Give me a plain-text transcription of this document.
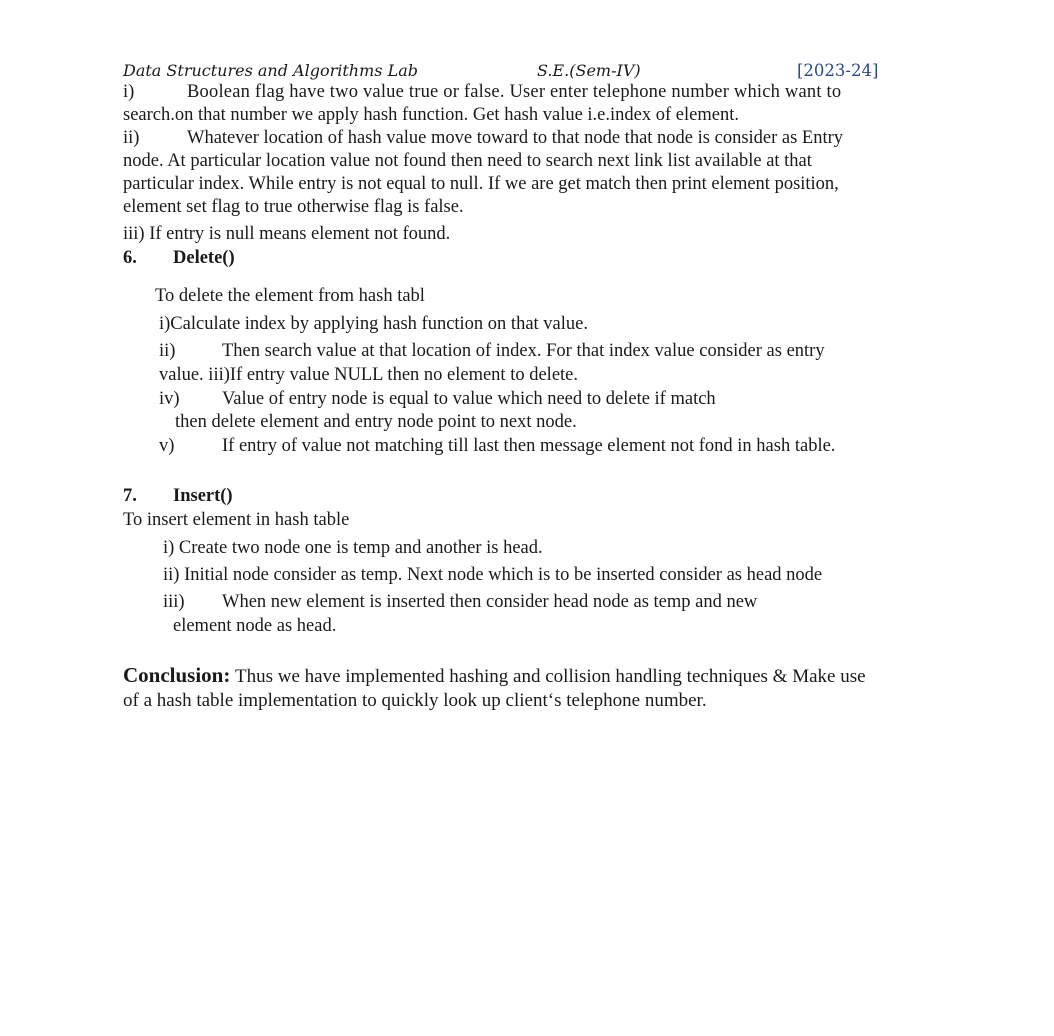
Data Structures and Algorithms Lab	S.E.(Sem-IV)	[2023-24]
i)	Boolean flag have two value true or false. User enter telephone number which want to
search.on that number we apply hash function. Get hash value i.e.index of element.
ii)	Whatever location of hash value move toward to that node that node is consider as Entry
node. At particular location value not found then need to search next link list available at that
particular index. While entry is not equal to null. If we are get match then print element position,
element set flag to true otherwise flag is false.
iii) If entry is null means element not found.
6. Delete()
To delete the element from hash tabl
i)Calculate index by applying hash function on that value.
ii)	Then search value at that location of index. For that index value consider as entry
value. iii)If entry value NULL then no element to delete.
iv) Value of entry node is equal to value which need to delete if match
then delete element and entry node point to next node.
v)	If entry of value not matching till last then message element not fond in hash table.
7. Insert()
To insert element in hash table
i) Create two node one is temp and another is head.
ii) Initial node consider as temp. Next node which is to be inserted consider as head node
iii) When new element is inserted then consider head node as temp and new
element node as head.
Conclusion: Thus we have implemented hashing and collision handling techniques & Make use
of a hash table implementation to quickly look up client‘s telephone number.
